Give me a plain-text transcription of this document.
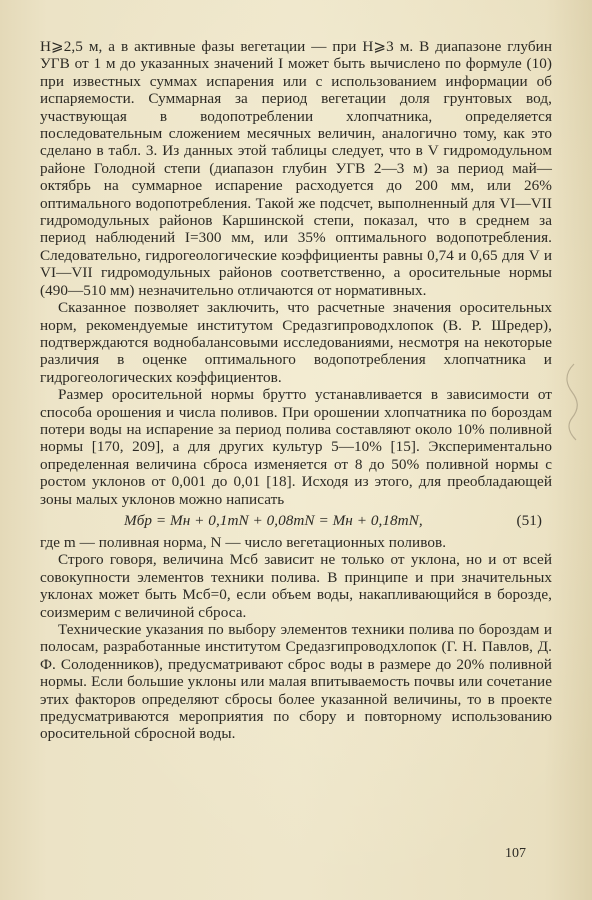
H⩾2,5 м, а в активные фазы вегетации — при H⩾3 м. В диапазоне глубин УГВ от 1 м до указанных значений I может быть вычислено по формуле (10) при известных суммах испарения или с использованием информации об испаряемости. Суммарная за период вегетации доля грунтовых вод, участвующая в водопотреблении хлопчатника, определяется последовательным сложением месячных величин, аналогично тому, как это сделано в табл. 3. Из данных этой таблицы следует, что в V гидромодульном районе Голодной степи (диапазон глубин УГВ 2—3 м) за период май—октябрь на суммарное испарение расходуется до 200 мм, или 26% оптимального водопотребления. Такой же подсчет, выполненный для VI—VII гидромодульных районов Каршинской степи, показал, что в среднем за период наблюдений I=300 мм, или 35% оптимального водопотребления. Следовательно, гидрогеологические коэффициенты равны 0,74 и 0,65 для V и VI—VII гидромодульных районов соответственно, а оросительные нормы (490—510 мм) незначительно отличаются от нормативных.

Сказанное позволяет заключить, что расчетные значения оросительных норм, рекомендуемые институтом Средазгипроводхлопок (В. Р. Шредер), подтверждаются воднобалансовыми исследованиями, несмотря на некоторые различия в оценке оптимального водопотребления хлопчатника и гидрогеологических коэффициентов.

Размер оросительной нормы брутто устанавливается в зависимости от способа орошения и числа поливов. При орошении хлопчатника по бороздам потери воды на испарение за период полива составляют около 10% поливной нормы [170, 209], а для других культур 5—10% [15]. Экспериментально определенная величина сброса изменяется от 8 до 50% поливной нормы с ростом уклонов от 0,001 до 0,01 [18]. Исходя из этого, для преобладающей зоны малых уклонов можно написать

Mбр = Mн + 0,1mN + 0,08mN = Mн + 0,18mN,	(51)

где m — поливная норма, N — число вегетационных поливов.

Строго говоря, величина Mсб зависит не только от уклона, но и от всей совокупности элементов техники полива. В принципе и при значительных уклонах может быть Mсб=0, если объем воды, накапливающийся в борозде, соизмерим с величиной сброса.

Технические указания по выбору элементов техники полива по бороздам и полосам, разработанные институтом Средазгипроводхлопок (Г. Н. Павлов, Д. Ф. Солоденников), предусматривают сброс воды в размере до 20% поливной нормы. Если большие уклоны или малая впитываемость почвы или сочетание этих факторов определяют сбросы более указанной величины, то в проекте предусматриваются мероприятия по сбору и повторному использованию оросительной сбросной воды.

107
